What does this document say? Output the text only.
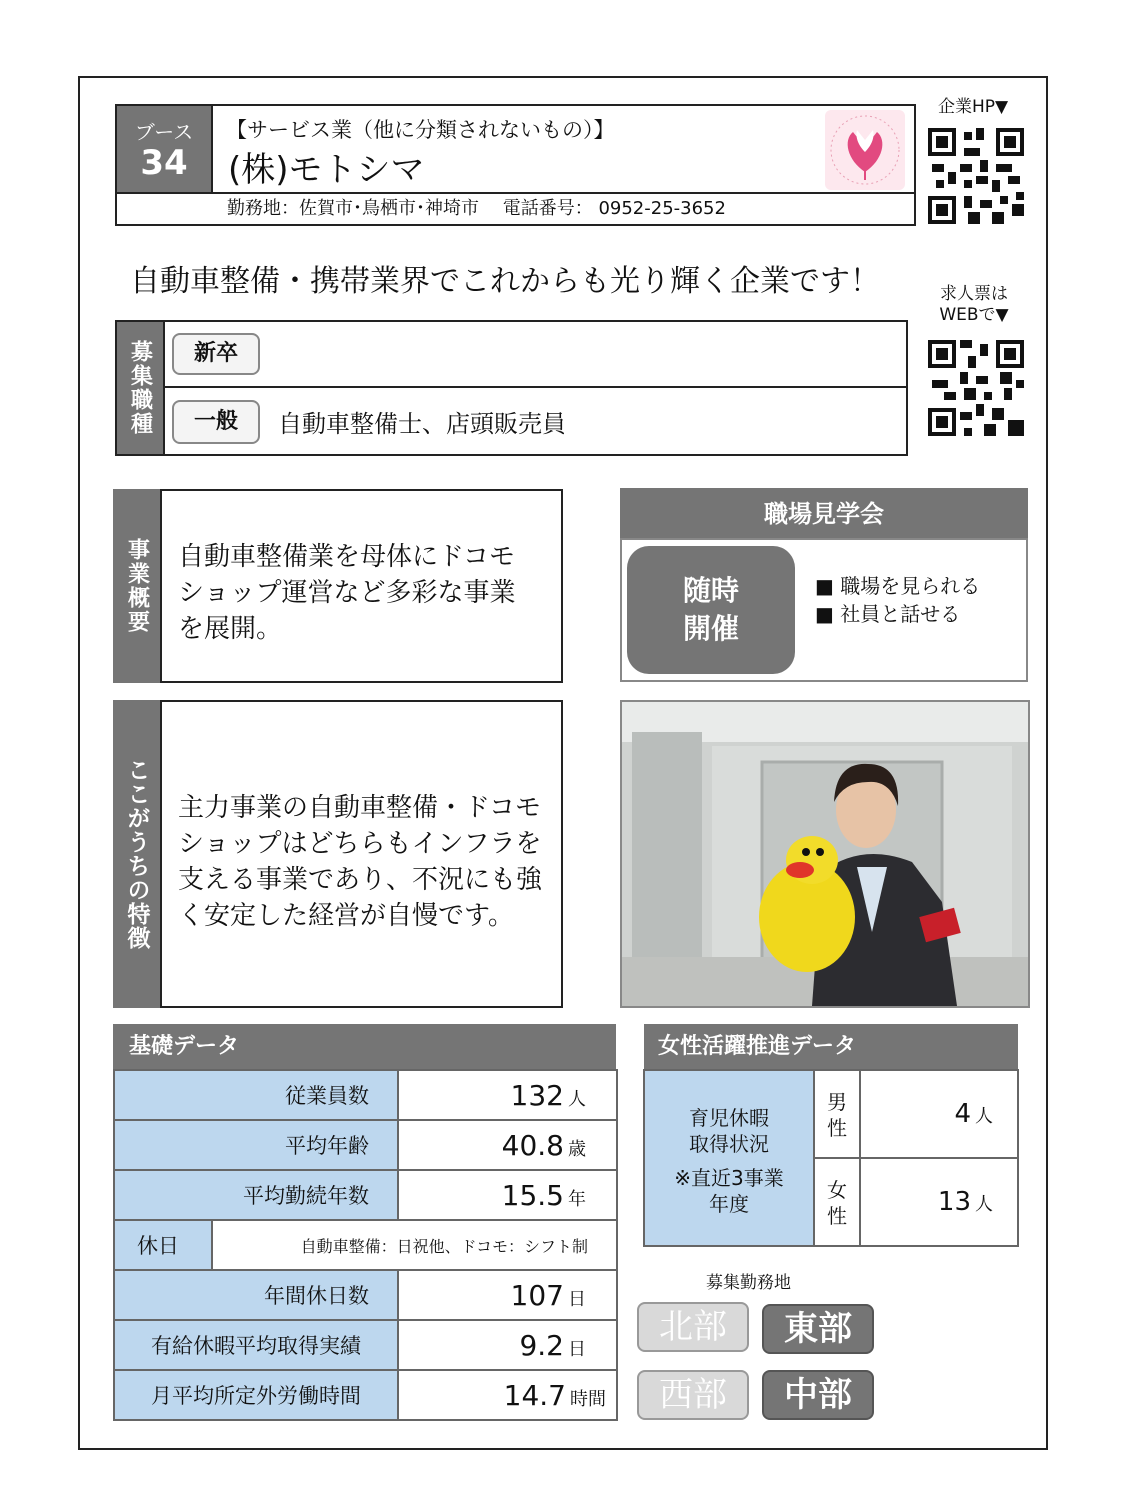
ブース
34
【サービス業（他に分類されないもの）】
(株)モトシマ
勤務地：佐賀市･鳥栖市･神埼市　 電話番号： 0952-25-3652
企業HP▼
求人票は WEBで▼
自動車整備・携帯業界でこれからも光り輝く企業です！
募集職種	新卒
一般	自動車整備士、店頭販売員
事業概要	自動車整備業を母体にドコモショップ運営など多彩な事業を展開。
職場見学会
随時
開催
■ 職場を見られる
■ 社員と話せる
ここがうちの特徴	主力事業の自動車整備・ドコモショップはどちらもインフラを支える事業であり、不況にも強く安定した経営が自慢です。
基礎データ
従業員数		132 人
平均年齢		40.8 歳
平均勤続年数		15.5 年
休日	自動車整備：日祝他、ドコモ：シフト制	
年間休日数		107 日
有給休暇平均取得実績		9.2 日
月平均所定外労働時間		14.7 時間
女性活躍推進データ
育児休暇
取得状況
※直近3事業
年度
男性	4 人
女性	13 人
募集勤務地
北部	東部
西部	中部
